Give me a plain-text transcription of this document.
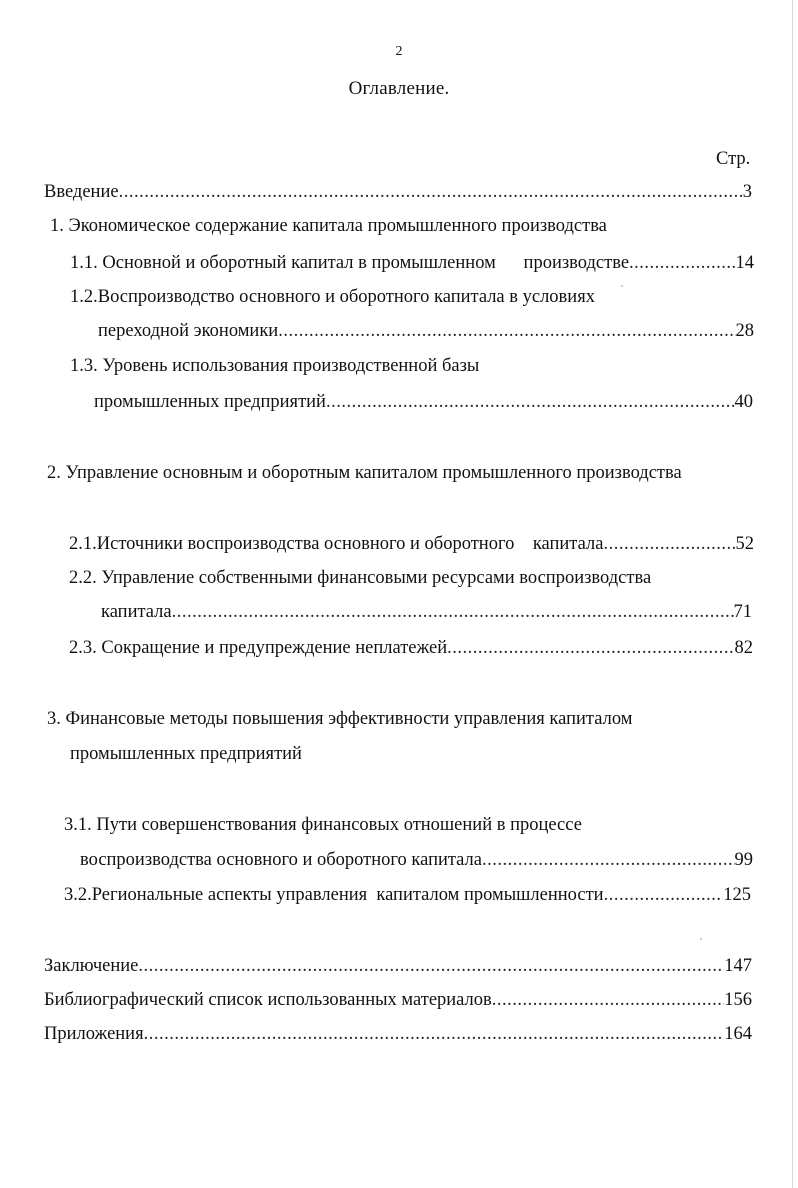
2
Оглавление.
Стр.
Введение .....	3
1. Экономическое содержание капитала промышленного производства
1.1. Основной и оборотный капитал в промышленном      производстве .....	14
1.2.Воспроизводство основного и оборотного капитала в условиях
переходной экономики .....	28
1.3. Уровень использования производственной базы
промышленных предприятий .....	40
2. Управление основным и оборотным капиталом промышленного производства
2.1.Источники воспроизводства основного и оборотного    капитала .....	52
2.2. Управление собственными финансовыми ресурсами воспроизводства
капитала .....	71
2.3. Сокращение и предупреждение неплатежей .....	82
3. Финансовые методы повышения эффективности управления капиталом
промышленных предприятий
3.1. Пути совершенствования финансовых отношений в процессе
воспроизводства основного и оборотного капитала .....	99
3.2.Региональные аспекты управления  капиталом промышленности .....	125
Заключение .....	147
Библиографический список использованных материалов .....	156
Приложения .....	164
